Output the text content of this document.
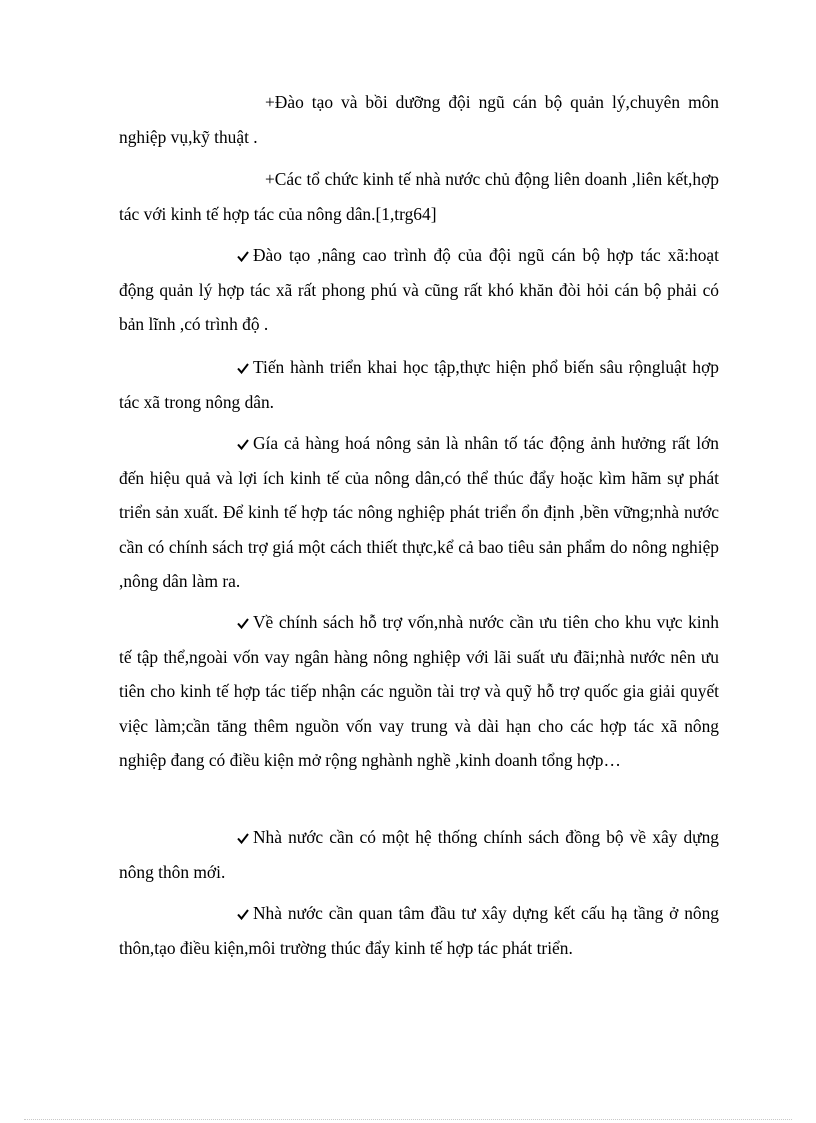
+Đào tạo và bồi dưỡng đội ngũ cán bộ quản lý,chuyên môn nghiệp vụ,kỹ thuật .

+Các tổ chức kinh tế nhà nước chủ động liên doanh ,liên kết,hợp tác với kinh tế hợp tác của nông dân.[1,trg64]

Đào tạo ,nâng cao trình độ của đội ngũ cán bộ hợp tác xã:hoạt động quản lý hợp tác xã rất phong phú và cũng rất khó khăn đòi hỏi cán bộ phải có bản lĩnh ,có trình độ .

Tiến hành triển khai học tập,thực hiện phổ biến sâu rộngluật hợp tác xã trong nông dân.

Gía cả hàng hoá nông sản là nhân tố tác động ảnh hưởng rất lớn đến hiệu quả và lợi ích kinh tế của nông dân,có thể thúc đẩy hoặc kìm hãm sự phát triển sản xuất. Để kinh tế hợp tác nông nghiệp phát triển ổn định ,bền vững;nhà nước cần có chính sách trợ giá một cách thiết thực,kể cả bao tiêu sản phẩm do nông nghiệp ,nông dân làm ra.

Về chính sách hỗ trợ vốn,nhà nước cần ưu tiên cho khu vực kinh tế tập thể,ngoài vốn vay ngân hàng nông nghiệp với lãi suất ưu đãi;nhà nước nên ưu tiên cho kinh tế hợp tác tiếp nhận các nguồn tài trợ và quỹ hỗ trợ quốc gia giải quyết việc làm;cần tăng thêm nguồn vốn vay trung và dài hạn cho các hợp tác xã nông nghiệp đang có điều kiện mở rộng nghành nghề ,kinh doanh tổng hợp…

Nhà nước cần có một hệ thống chính sách đồng bộ về xây dựng nông thôn mới.

Nhà nước cần quan tâm đầu tư xây dựng kết cấu hạ tầng ở nông thôn,tạo điều kiện,môi trường thúc đẩy kinh tế hợp tác phát triển.
